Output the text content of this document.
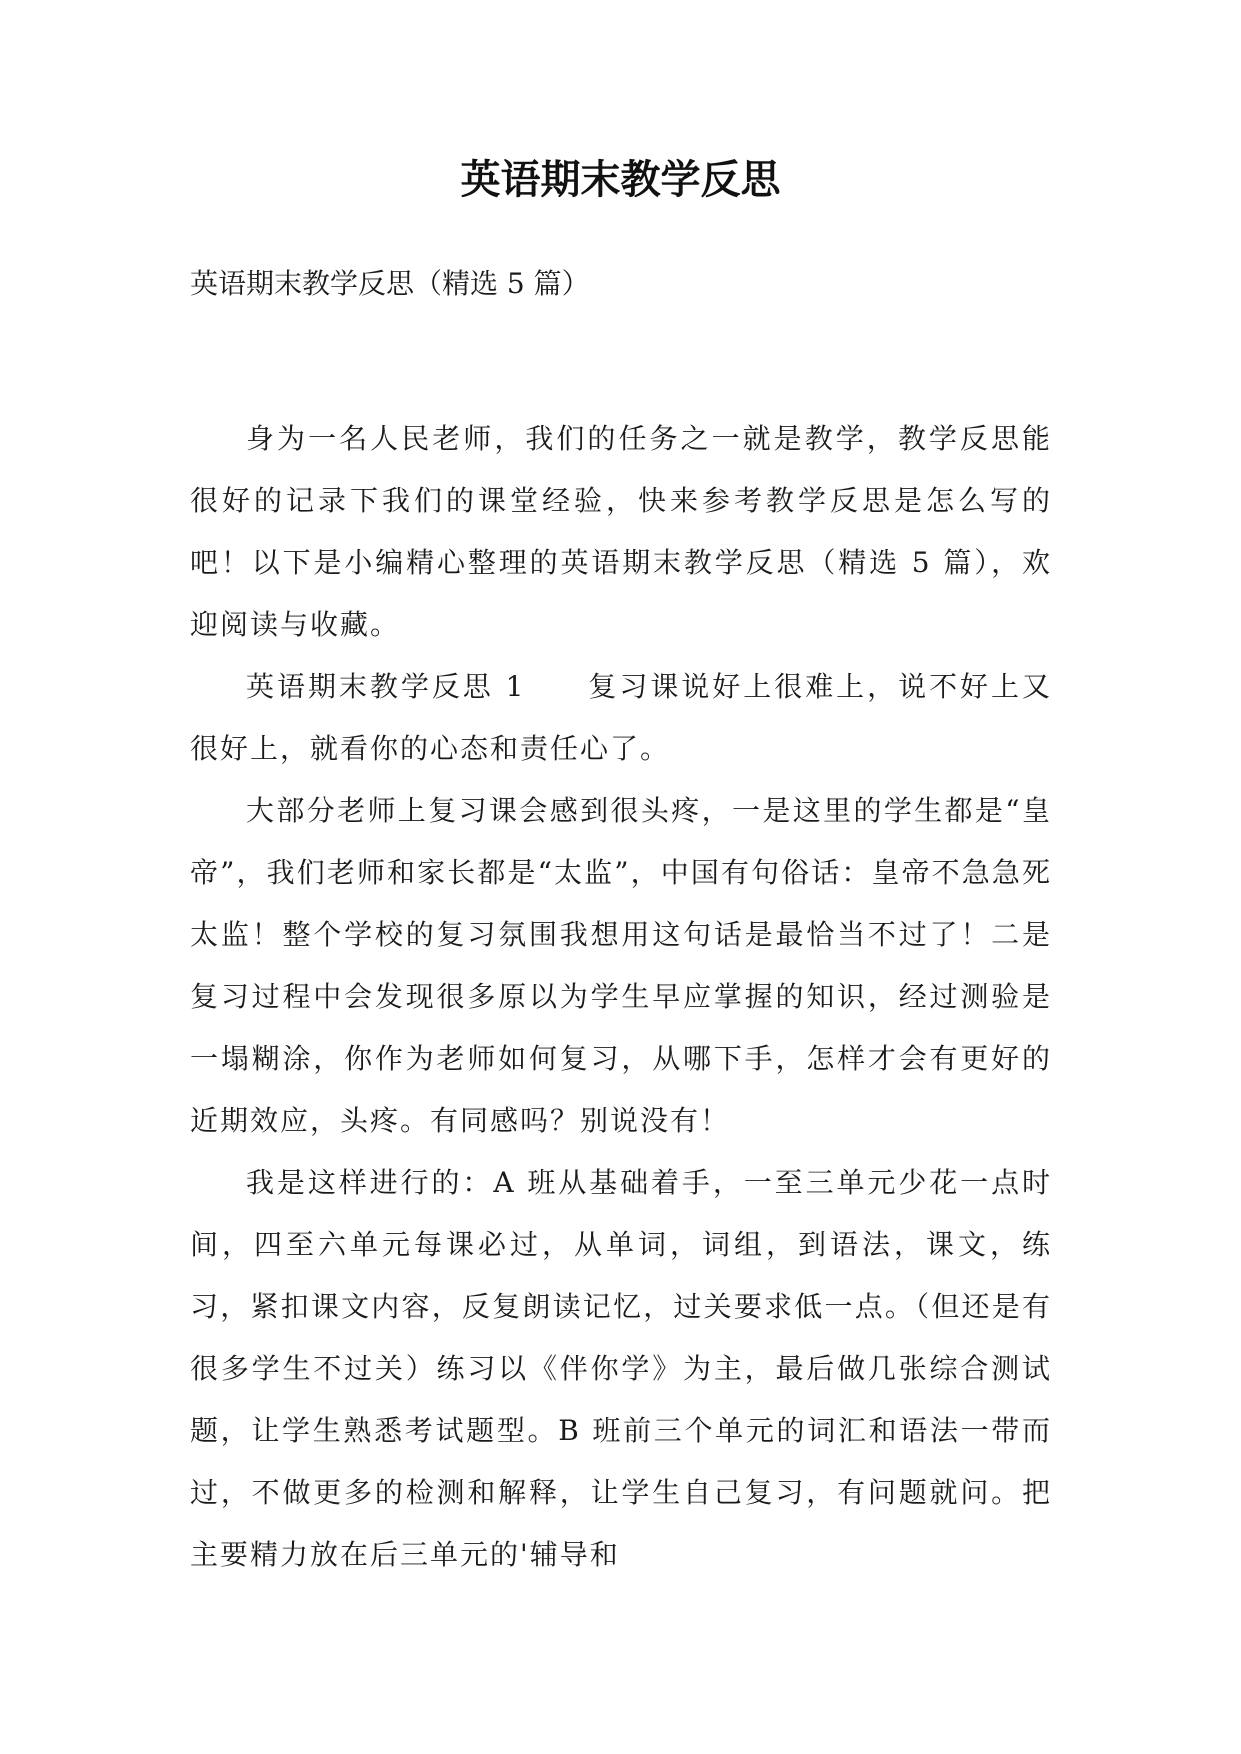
英语期末教学反思

英语期末教学反思（精选 5 篇）

身为一名人民老师，我们的任务之一就是教学，教学反思能很好的记录下我们的课堂经验，快来参考教学反思是怎么写的吧！以下是小编精心整理的英语期末教学反思（精选 5 篇），欢迎阅读与收藏。

英语期末教学反思 1　　复习课说好上很难上，说不好上又很好上，就看你的心态和责任心了。

大部分老师上复习课会感到很头疼，一是这里的学生都是“皇帝”，我们老师和家长都是“太监”，中国有句俗话：皇帝不急急死太监！整个学校的复习氛围我想用这句话是最恰当不过了！二是复习过程中会发现很多原以为学生早应掌握的知识，经过测验是一塌糊涂，你作为老师如何复习，从哪下手，怎样才会有更好的近期效应，头疼。有同感吗？别说没有！

我是这样进行的：A 班从基础着手，一至三单元少花一点时间，四至六单元每课必过，从单词，词组，到语法，课文，练习，紧扣课文内容，反复朗读记忆，过关要求低一点。（但还是有很多学生不过关）练习以《伴你学》为主，最后做几张综合测试题，让学生熟悉考试题型。B 班前三个单元的词汇和语法一带而过，不做更多的检测和解释，让学生自己复习，有问题就问。把主要精力放在后三单元的'辅导和
